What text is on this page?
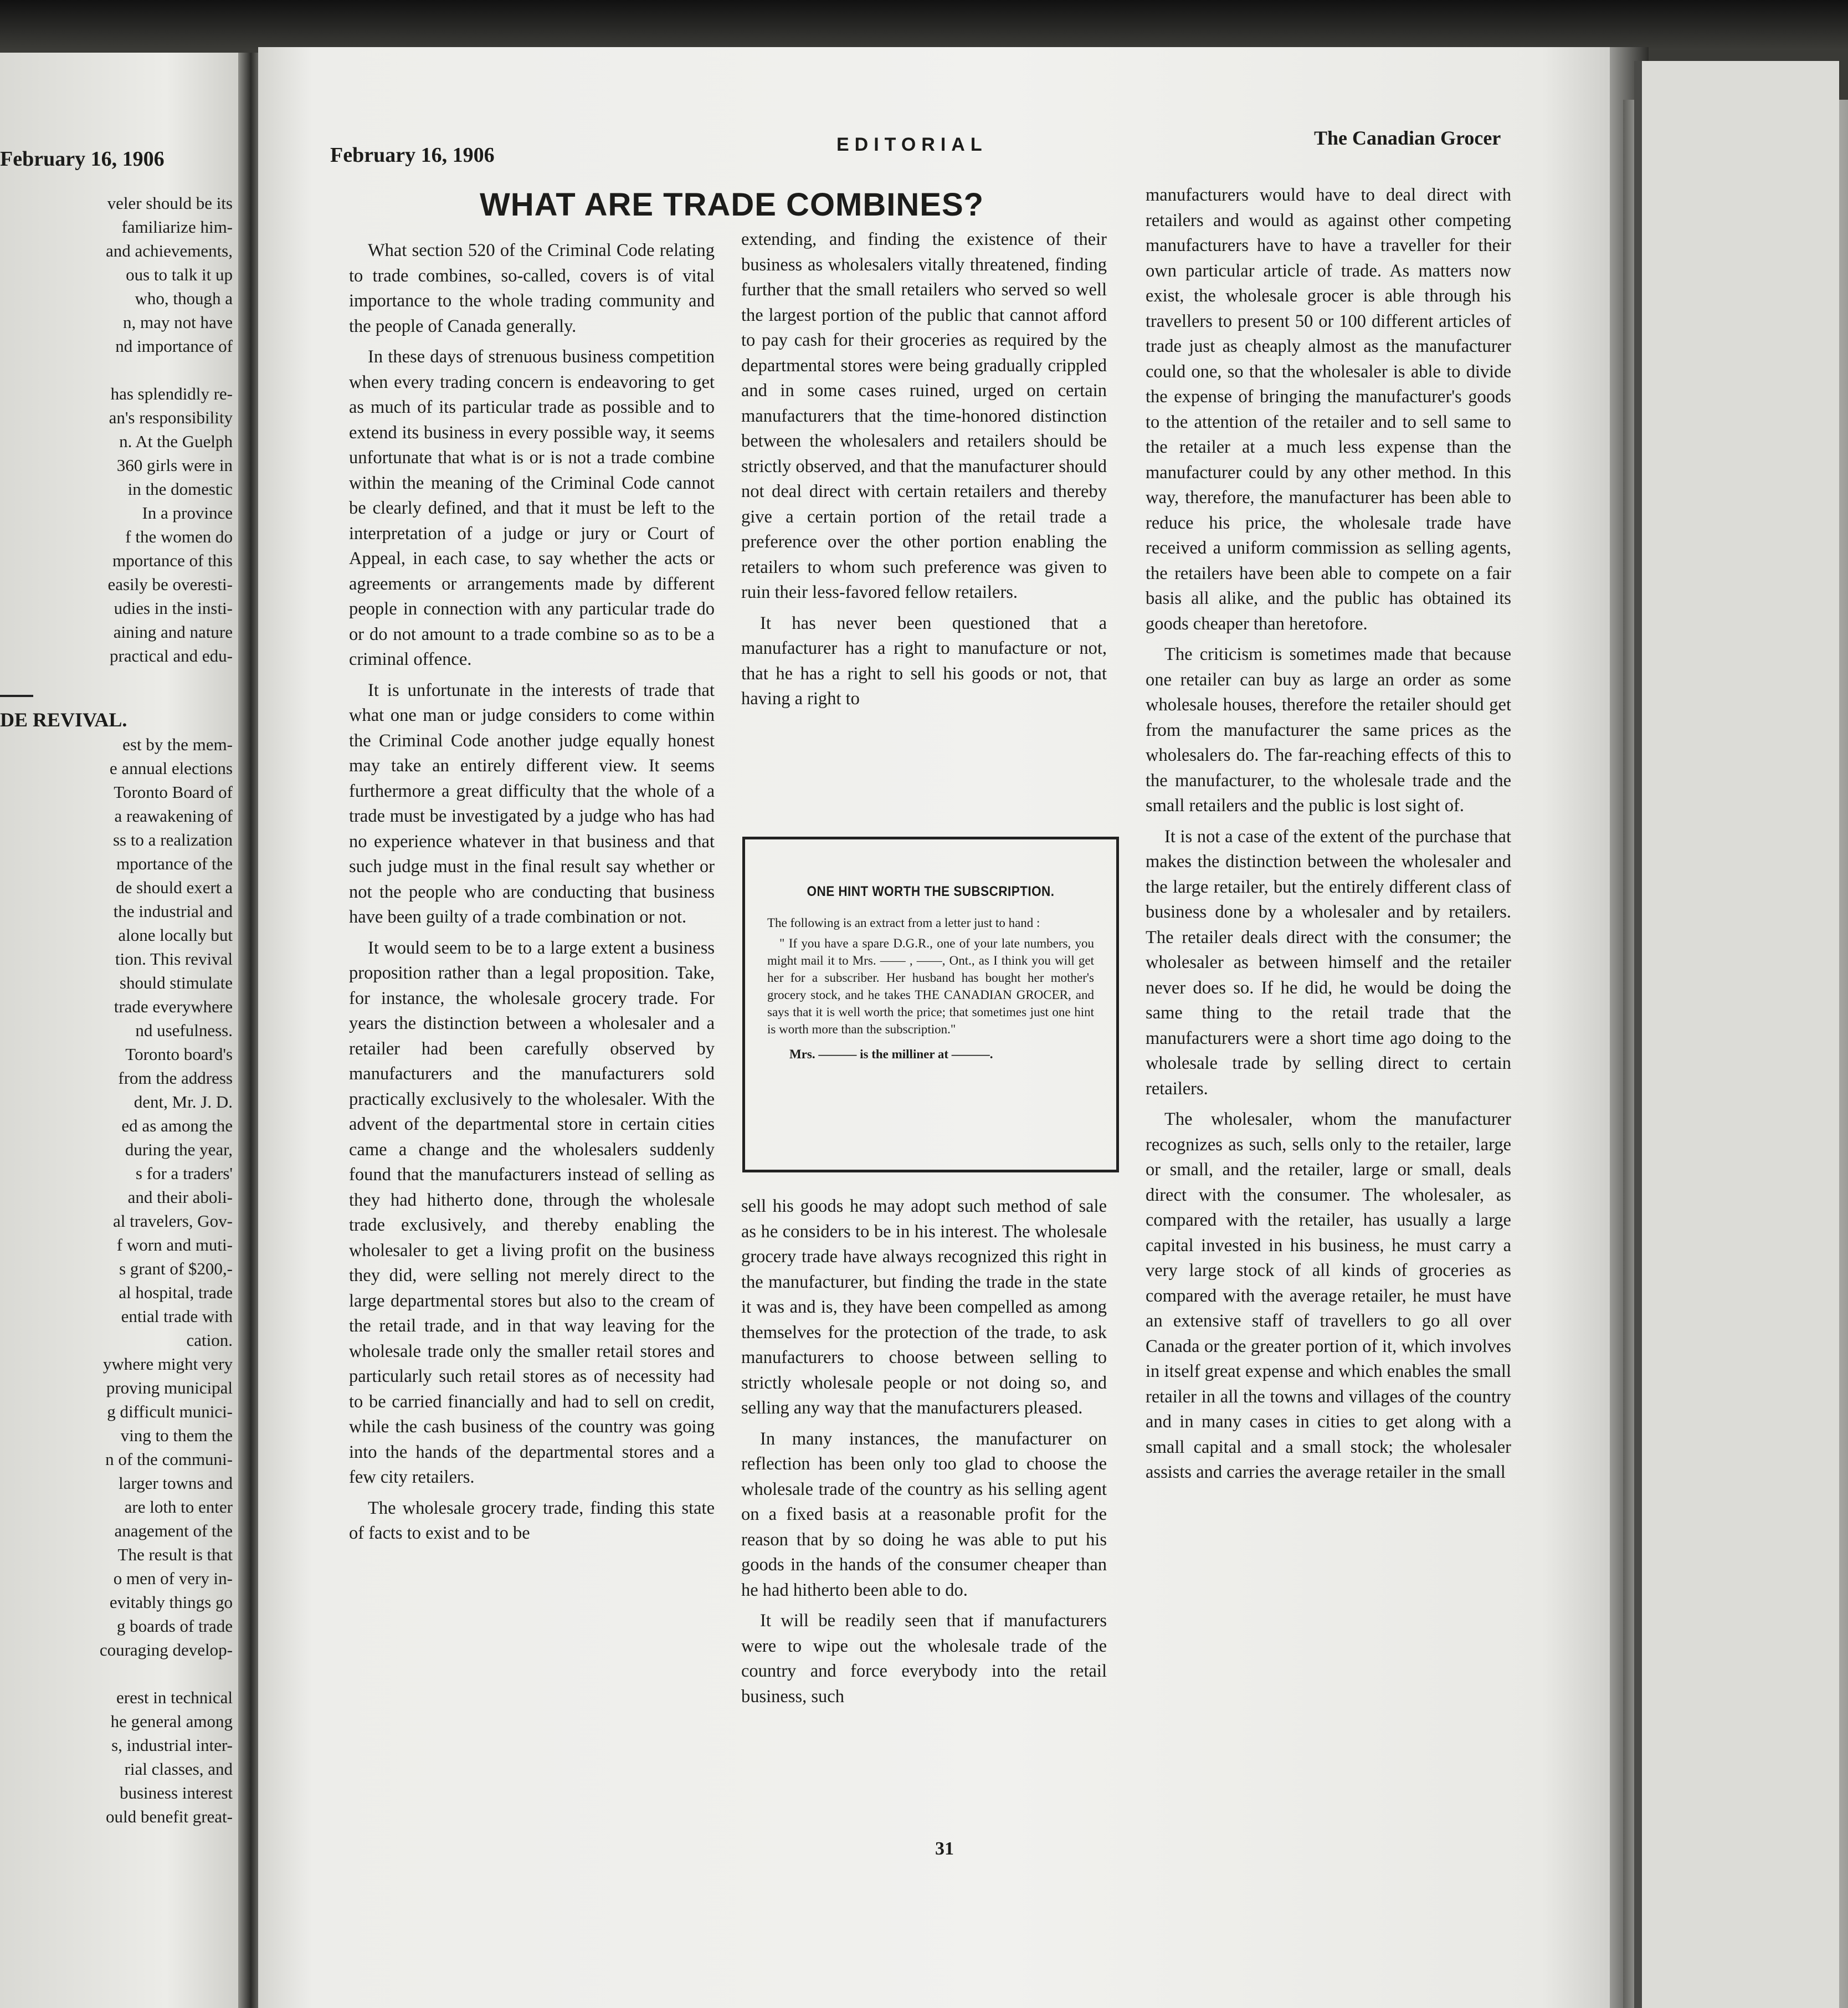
February 16, 1906
veler should be its
familiarize him-
and achievements,
ous to talk it up
who, though a
n, may not have
nd importance of
has splendidly re-
an's responsibility
n. At the Guelph
360 girls were in
in the domestic
In a province
f the women do
mportance of this
easily be overesti-
udies in the insti-
aining and nature
practical and edu-
DE REVIVAL.
est by the mem-
e annual elections
Toronto Board of
a reawakening of
ss to a realization
mportance of the
de should exert a
the industrial and
alone locally but
tion. This revival
should stimulate
trade everywhere
nd usefulness.
Toronto board's
from the address
dent, Mr. J. D.
ed as among the
during the year,
s for a traders'
and their aboli-
al travelers, Gov-
f worn and muti-
s grant of $200,-
al hospital, trade
ential trade with
cation.
ywhere might very
proving municipal
g difficult munici-
ving to them the
n of the communi-
larger towns and
are loth to enter
anagement of the
The result is that
o men of very in-
evitably things go
g boards of trade
couraging develop-
erest in technical
he general among
s, industrial inter-
rial classes, and
business interest
ould benefit great-
February 16, 1906	EDITORIAL	The Canadian Grocer
WHAT ARE TRADE COMBINES?

What section 520 of the Criminal Code relating to trade combines, so-called, covers is of vital importance to the whole trading community and the people of Canada generally.

In these days of strenuous business competition when every trading concern is endeavoring to get as much of its particular trade as possible and to extend its business in every possible way, it seems unfortunate that what is or is not a trade combine within the meaning of the Criminal Code cannot be clearly defined, and that it must be left to the interpretation of a judge or jury or Court of Appeal, in each case, to say whether the acts or agreements or arrangements made by different people in connection with any particular trade do or do not amount to a trade combine so as to be a criminal offence.

It is unfortunate in the interests of trade that what one man or judge considers to come within the Criminal Code another judge equally honest may take an entirely different view. It seems furthermore a great difficulty that the whole of a trade must be investigated by a judge who has had no experience whatever in that business and that such judge must in the final result say whether or not the people who are conducting that business have been guilty of a trade combination or not.

It would seem to be to a large extent a business proposition rather than a legal proposition. Take, for instance, the wholesale grocery trade. For years the distinction between a wholesaler and a retailer had been carefully observed by manufacturers and the manufacturers sold practically exclusively to the wholesaler. With the advent of the departmental store in certain cities came a change and the wholesalers suddenly found that the manufacturers instead of selling as they had hitherto done, through the wholesale trade exclusively, and thereby enabling the wholesaler to get a living profit on the business they did, were selling not merely direct to the large departmental stores but also to the cream of the retail trade, and in that way leaving for the wholesale trade only the smaller retail stores and particularly such retail stores as of necessity had to be carried financially and had to sell on credit, while the cash business of the country was going into the hands of the departmental stores and a few city retailers.

The wholesale grocery trade, finding this state of facts to exist and to be

extending, and finding the existence of their business as wholesalers vitally threatened, finding further that the small retailers who served so well the largest portion of the public that cannot afford to pay cash for their groceries as required by the departmental stores were being gradually crippled and in some cases ruined, urged on certain manufacturers that the time-honored distinction between the wholesalers and retailers should be strictly observed, and that the manufacturer should not deal direct with certain retailers and thereby give a certain portion of the retail trade a preference over the other portion enabling the retailers to whom such preference was given to ruin their less-favored fellow retailers.

It has never been questioned that a manufacturer has a right to manufacture or not, that he has a right to sell his goods or not, that having a right to

ONE HINT WORTH THE SUBSCRIPTION.

The following is an extract from a letter just to hand :

" If you have a spare D.G.R., one of your late numbers, you might mail it to Mrs. —— , ——, Ont., as I think you will get her for a subscriber. Her husband has bought her mother's grocery stock, and he takes THE CANADIAN GROCER, and says that it is well worth the price; that sometimes just one hint is worth more than the subscription."

Mrs. ——— is the milliner at ———.

sell his goods he may adopt such method of sale as he considers to be in his interest. The wholesale grocery trade have always recognized this right in the manufacturer, but finding the trade in the state it was and is, they have been compelled as among themselves for the protection of the trade, to ask manufacturers to choose between selling to strictly wholesale people or not doing so, and selling any way that the manufacturers pleased.

In many instances, the manufacturer on reflection has been only too glad to choose the wholesale trade of the country as his selling agent on a fixed basis at a reasonable profit for the reason that by so doing he was able to put his goods in the hands of the consumer cheaper than he had hitherto been able to do.

It will be readily seen that if manufacturers were to wipe out the wholesale trade of the country and force everybody into the retail business, such

manufacturers would have to deal direct with retailers and would as against other competing manufacturers have to have a traveller for their own particular article of trade. As matters now exist, the wholesale grocer is able through his travellers to present 50 or 100 different articles of trade just as cheaply almost as the manufacturer could one, so that the wholesaler is able to divide the expense of bringing the manufacturer's goods to the attention of the retailer and to sell same to the retailer at a much less expense than the manufacturer could by any other method. In this way, therefore, the manufacturer has been able to reduce his price, the wholesale trade have received a uniform commission as selling agents, the retailers have been able to compete on a fair basis all alike, and the public has obtained its goods cheaper than heretofore.

The criticism is sometimes made that because one retailer can buy as large an order as some wholesale houses, therefore the retailer should get from the manufacturer the same prices as the wholesalers do. The far-reaching effects of this to the manufacturer, to the wholesale trade and the small retailers and the public is lost sight of.

It is not a case of the extent of the purchase that makes the distinction between the wholesaler and the large retailer, but the entirely different class of business done by a wholesaler and by retailers. The retailer deals direct with the consumer; the wholesaler as between himself and the retailer never does so. If he did, he would be doing the same thing to the retail trade that the manufacturers were a short time ago doing to the wholesale trade by selling direct to certain retailers.

The wholesaler, whom the manufacturer recognizes as such, sells only to the retailer, large or small, and the retailer, large or small, deals direct with the consumer. The wholesaler, as compared with the retailer, has usually a large capital invested in his business, he must carry a very large stock of all kinds of groceries as compared with the average retailer, he must have an extensive staff of travellers to go all over Canada or the greater portion of it, which involves in itself great expense and which enables the small retailer in all the towns and villages of the country and in many cases in cities to get along with a small capital and a small stock; the wholesaler assists and carries the average retailer in the small

31
